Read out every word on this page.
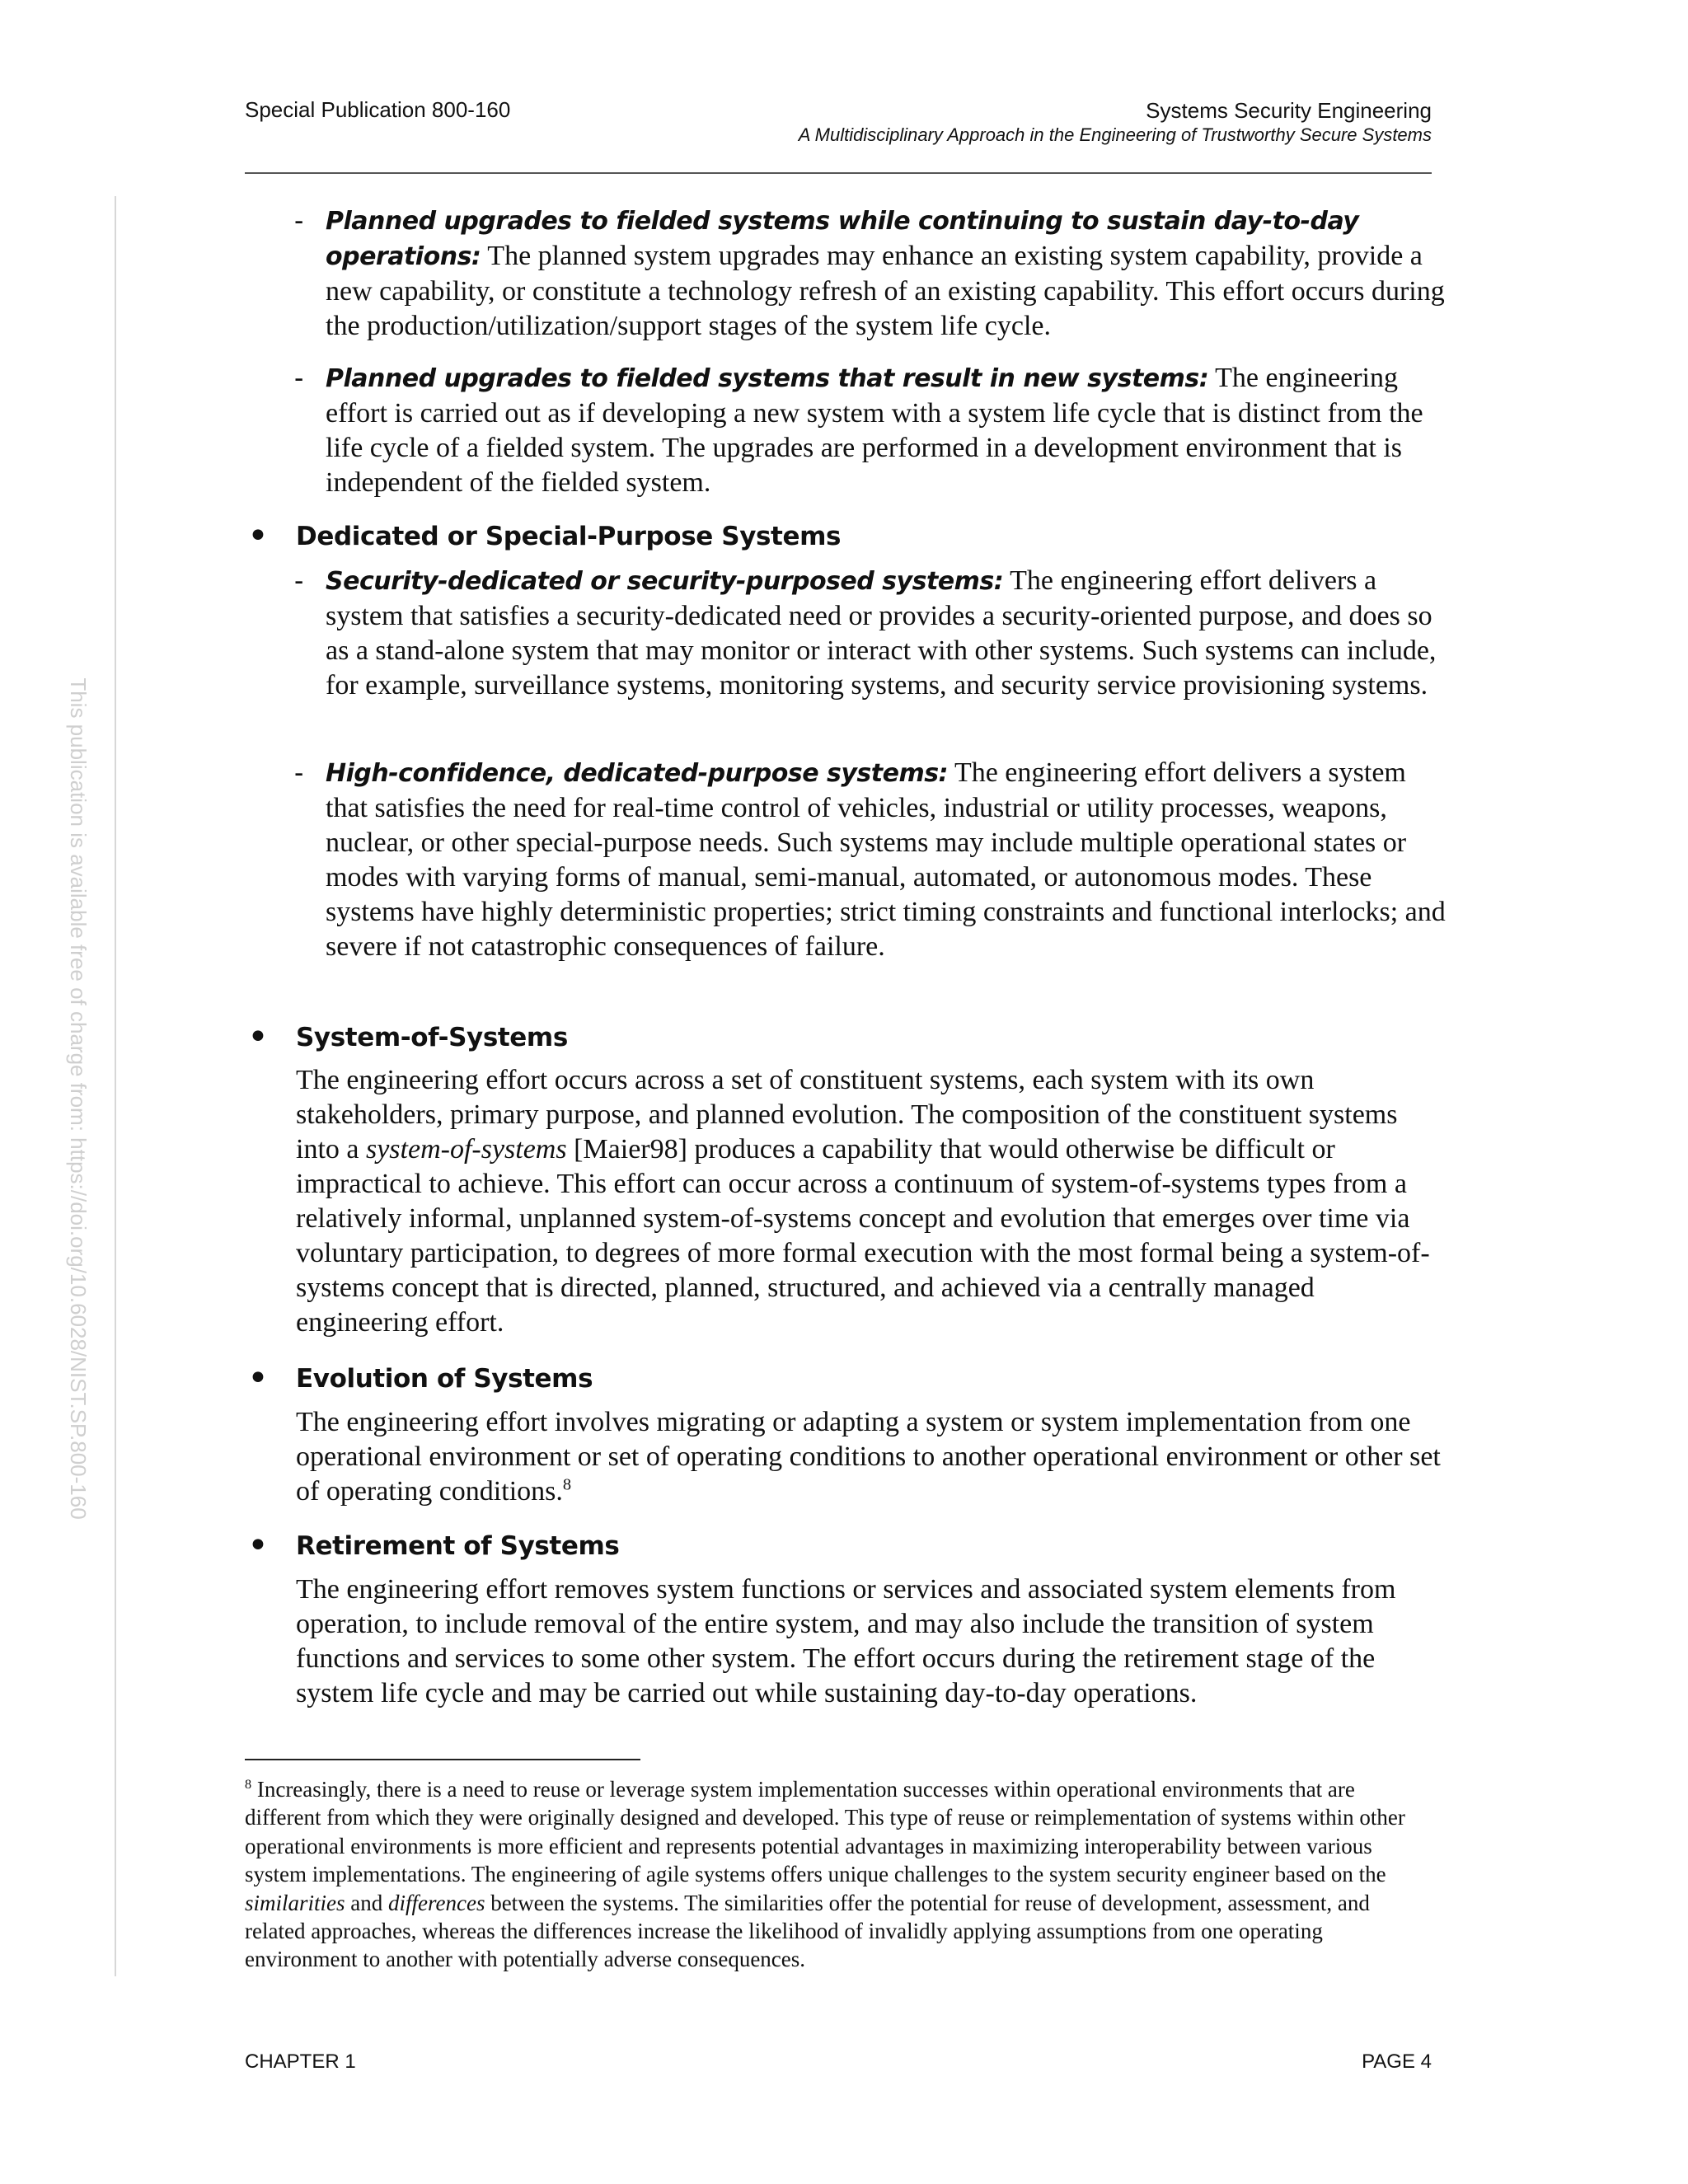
Special Publication 800-160	Systems Security Engineering
A Multidisciplinary Approach in the Engineering of Trustworthy Secure Systems
This publication is available free of charge from: https://doi.org/10.6028/NIST.SP.800-160
- Planned upgrades to fielded systems while continuing to sustain day-to-day operations: The planned system upgrades may enhance an existing system capability, provide a new capability, or constitute a technology refresh of an existing capability. This effort occurs during the production/utilization/support stages of the system life cycle.
- Planned upgrades to fielded systems that result in new systems: The engineering effort is carried out as if developing a new system with a system life cycle that is distinct from the life cycle of a fielded system. The upgrades are performed in a development environment that is independent of the fielded system.
• Dedicated or Special-Purpose Systems
- Security-dedicated or security-purposed systems: The engineering effort delivers a system that satisfies a security-dedicated need or provides a security-oriented purpose, and does so as a stand-alone system that may monitor or interact with other systems. Such systems can include, for example, surveillance systems, monitoring systems, and security service provisioning systems.
- High-confidence, dedicated-purpose systems: The engineering effort delivers a system that satisfies the need for real-time control of vehicles, industrial or utility processes, weapons, nuclear, or other special-purpose needs. Such systems may include multiple operational states or modes with varying forms of manual, semi-manual, automated, or autonomous modes. These systems have highly deterministic properties; strict timing constraints and functional interlocks; and severe if not catastrophic consequences of failure.
• System-of-Systems
The engineering effort occurs across a set of constituent systems, each system with its own stakeholders, primary purpose, and planned evolution. The composition of the constituent systems into a system-of-systems [Maier98] produces a capability that would otherwise be difficult or impractical to achieve. This effort can occur across a continuum of system-of-systems types from a relatively informal, unplanned system-of-systems concept and evolution that emerges over time via voluntary participation, to degrees of more formal execution with the most formal being a system-of-systems concept that is directed, planned, structured, and achieved via a centrally managed engineering effort.
• Evolution of Systems
The engineering effort involves migrating or adapting a system or system implementation from one operational environment or set of operating conditions to another operational environment or other set of operating conditions.$^8$
• Retirement of Systems
The engineering effort removes system functions or services and associated system elements from operation, to include removal of the entire system, and may also include the transition of system functions and services to some other system. The effort occurs during the retirement stage of the system life cycle and may be carried out while sustaining day-to-day operations.
$^8$ Increasingly, there is a need to reuse or leverage system implementation successes within operational environments that are different from which they were originally designed and developed. This type of reuse or reimplementation of systems within other operational environments is more efficient and represents potential advantages in maximizing interoperability between various system implementations. The engineering of agile systems offers unique challenges to the system security engineer based on the similarities and differences between the systems. The similarities offer the potential for reuse of development, assessment, and related approaches, whereas the differences increase the likelihood of invalidly applying assumptions from one operating environment to another with potentially adverse consequences.
CHAPTER 1	PAGE 4
